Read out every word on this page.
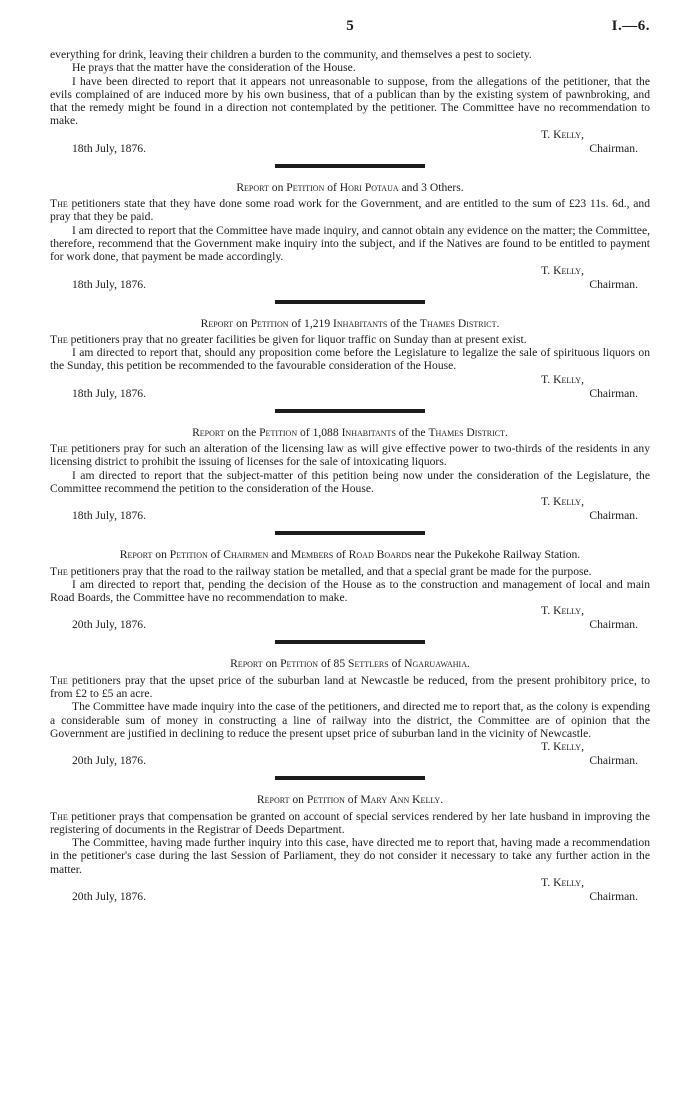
5	I.—6.

everything for drink, leaving their children a burden to the community, and themselves a pest to society.

He prays that the matter have the consideration of the House.

I have been directed to report that it appears not unreasonable to suppose, from the allegations of the petitioner, that the evils complained of are induced more by his own business, that of a publican than by the existing system of pawnbroking, and that the remedy might be found in a direction not contemplated by the petitioner. The Committee have no recommendation to make.

T. Kelly,
18th July, 1876.	Chairman.
Report on Petition of Hori Potaua and 3 Others.

The petitioners state that they have done some road work for the Government, and are entitled to the sum of £23 11s. 6d., and pray that they be paid.

I am directed to report that the Committee have made inquiry, and cannot obtain any evidence on the matter; the Committee, therefore, recommend that the Government make inquiry into the subject, and if the Natives are found to be entitled to payment for work done, that payment be made accordingly.

T. Kelly,
18th July, 1876.	Chairman.
Report on Petition of 1,219 Inhabitants of the Thames District.

The petitioners pray that no greater facilities be given for liquor traffic on Sunday than at present exist.

I am directed to report that, should any proposition come before the Legislature to legalize the sale of spirituous liquors on the Sunday, this petition be recommended to the favourable consideration of the House.

T. Kelly,
18th July, 1876.	Chairman.
Report on the Petition of 1,088 Inhabitants of the Thames District.

The petitioners pray for such an alteration of the licensing law as will give effective power to two-thirds of the residents in any licensing district to prohibit the issuing of licenses for the sale of intoxicating liquors.

I am directed to report that the subject-matter of this petition being now under the consideration of the Legislature, the Committee recommend the petition to the consideration of the House.

T. Kelly,
18th July, 1876.	Chairman.
Report on Petition of Chairmen and Members of Road Boards near the Pukekohe Railway Station.

The petitioners pray that the road to the railway station be metalled, and that a special grant be made for the purpose.

I am directed to report that, pending the decision of the House as to the construction and management of local and main Road Boards, the Committee have no recommendation to make.

T. Kelly,
20th July, 1876.	Chairman.
Report on Petition of 85 Settlers of Ngaruawahia.

The petitioners pray that the upset price of the suburban land at Newcastle be reduced, from the present prohibitory price, to from £2 to £5 an acre.

The Committee have made inquiry into the case of the petitioners, and directed me to report that, as the colony is expending a considerable sum of money in constructing a line of railway into the district, the Committee are of opinion that the Government are justified in declining to reduce the present upset price of suburban land in the vicinity of Newcastle.

T. Kelly,
20th July, 1876.	Chairman.
Report on Petition of Mary Ann Kelly.

The petitioner prays that compensation be granted on account of special services rendered by her late husband in improving the registering of documents in the Registrar of Deeds Department.

The Committee, having made further inquiry into this case, have directed me to report that, having made a recommendation in the petitioner's case during the last Session of Parliament, they do not consider it necessary to take any further action in the matter.

T. Kelly,
20th July, 1876.	Chairman.
